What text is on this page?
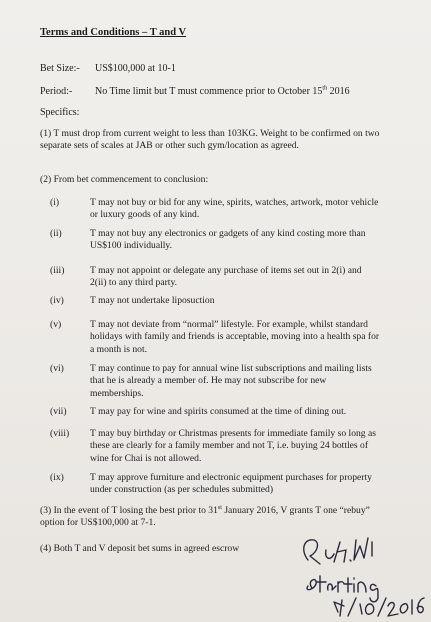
Terms and Conditions – T and V
Bet Size:- US$100,000 at 10-1
Period:- No Time limit but T must commence prior to October 15th 2016
Specifics:
(1) T must drop from current weight to less than 103KG. Weight to be confirmed on two separate sets of scales at JAB or other such gym/location as agreed.
(2) From bet commencement to conclusion:
(i)	T may not buy or bid for any wine, spirits, watches, artwork, motor vehicle or luxury goods of any kind.
(ii)	T may not buy any electronics or gadgets of any kind costing more than US$100 individually.
(iii)	T may not appoint or delegate any purchase of items set out in 2(i) and 2(ii) to any third party.
(iv)	T may not undertake liposuction
(v)	T may not deviate from “normal” lifestyle. For example, whilst standard holidays with family and friends is acceptable, moving into a health spa for a month is not.
(vi)	T may continue to pay for annual wine list subscriptions and mailing lists that he is already a member of. He may not subscribe for new memberships.
(vii) T may pay for wine and spirits consumed at the time of dining out.
(viii) T may buy birthday or Christmas presents for immediate family so long as these are clearly for a family member and not T, i.e. buying 24 bottles of wine for Chai is not allowed.
(ix)	T may approve furniture and electronic equipment purchases for property under construction (as per schedules submitted)
(3) In the event of T losing the best prior to 31st January 2016, V grants T one “rebuy” option for US$100,000 at 7-1.
(4) Both T and V deposit bet sums in agreed escrow
